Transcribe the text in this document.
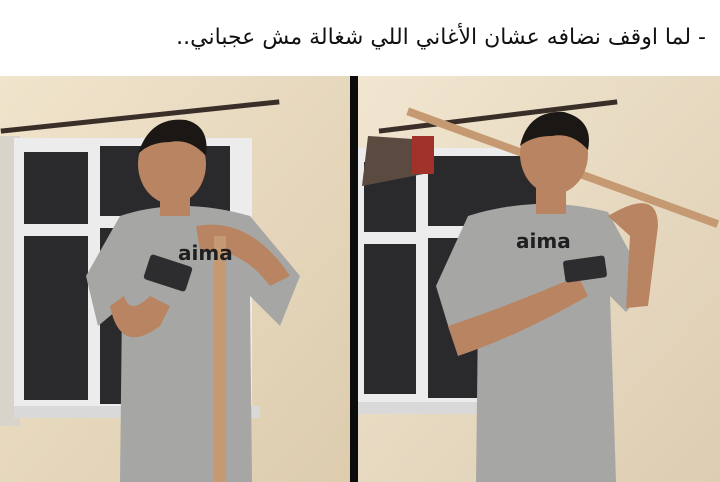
- لما اوقف نضافه عشان الأغاني اللي شغالة مش عجباني..
aima	aima
